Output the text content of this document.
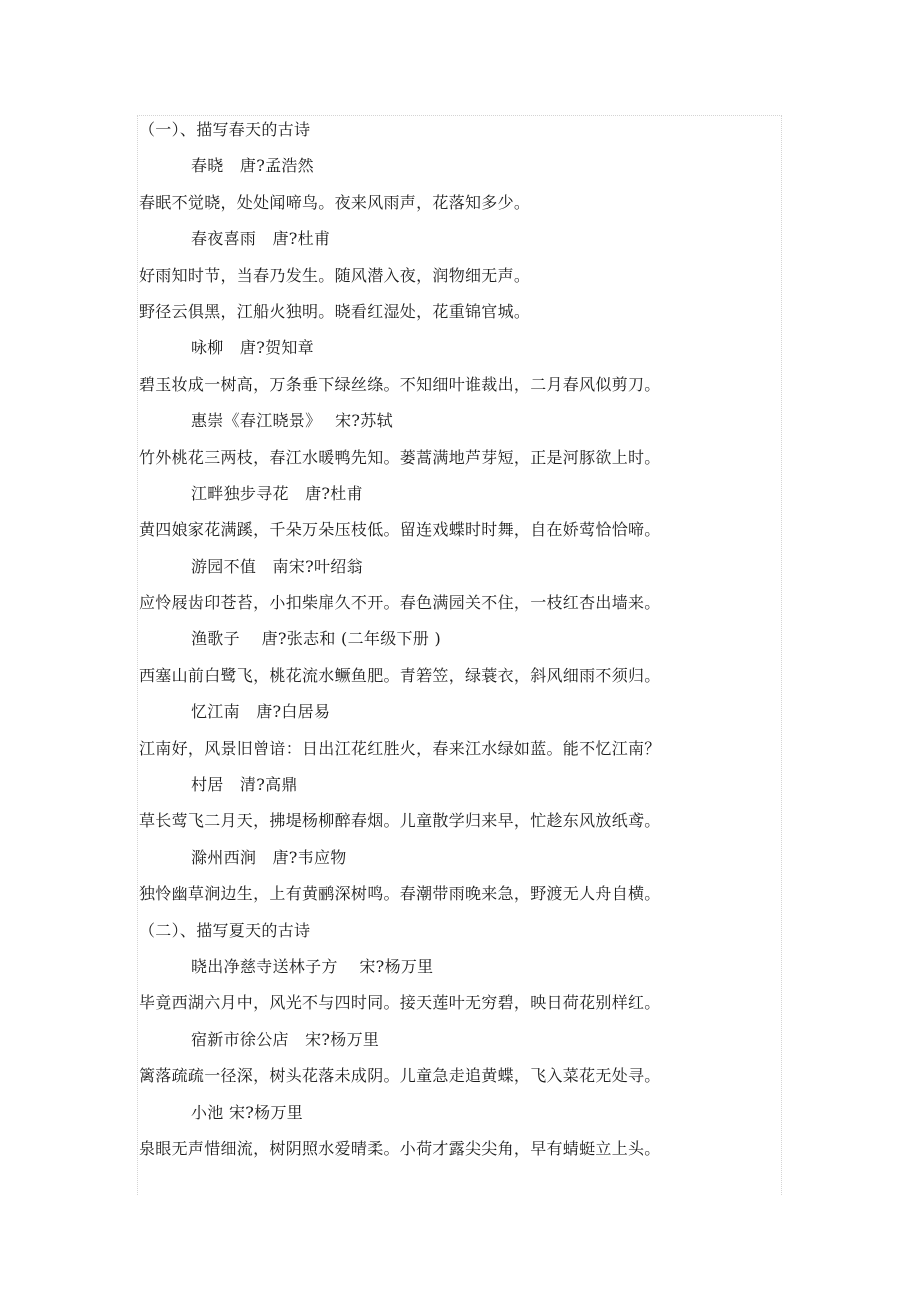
（一）、描写春天的古诗
春晓　唐?孟浩然
春眠不觉晓，处处闻啼鸟。夜来风雨声，花落知多少。
春夜喜雨　唐?杜甫
好雨知时节，当春乃发生。随风潜入夜，润物细无声。
野径云俱黑，江船火独明。晓看红湿处，花重锦官城。
咏柳　唐?贺知章
碧玉妆成一树高，万条垂下绿丝绦。不知细叶谁裁出，二月春风似剪刀。
惠崇《春江晓景》　 宋?苏轼
竹外桃花三两枝，春江水暖鸭先知。蒌蒿满地芦芽短，正是河豚欲上时。
江畔独步寻花　唐?杜甫
黄四娘家花满蹊，千朵万朵压枝低。留连戏蝶时时舞，自在娇莺恰恰啼。
游园不值　南宋?叶绍翁
应怜屐齿印苍苔，小扣柴扉久不开。春色满园关不住，一枝红杏出墙来。
渔歌子　 唐?张志和 (二年级下册 )
西塞山前白鹭飞，桃花流水鳜鱼肥。青箬笠，绿蓑衣，斜风细雨不须归。
忆江南　唐?白居易
江南好，风景旧曾谙：日出江花红胜火，春来江水绿如蓝。能不忆江南？
村居　清?高鼎
草长莺飞二月天，拂堤杨柳醉春烟。儿童散学归来早，忙趁东风放纸鸢。
滁州西涧　唐?韦应物
独怜幽草涧边生，上有黄鹂深树鸣。春潮带雨晚来急，野渡无人舟自横。
（二）、描写夏天的古诗
晓出净慈寺送林子方　 宋?杨万里
毕竟西湖六月中，风光不与四时同。接天莲叶无穷碧，映日荷花别样红。
宿新市徐公店　宋?杨万里
篱落疏疏一径深，树头花落未成阴。儿童急走追黄蝶，飞入菜花无处寻。
小池 宋?杨万里
泉眼无声惜细流，树阴照水爱晴柔。小荷才露尖尖角，早有蜻蜓立上头。
